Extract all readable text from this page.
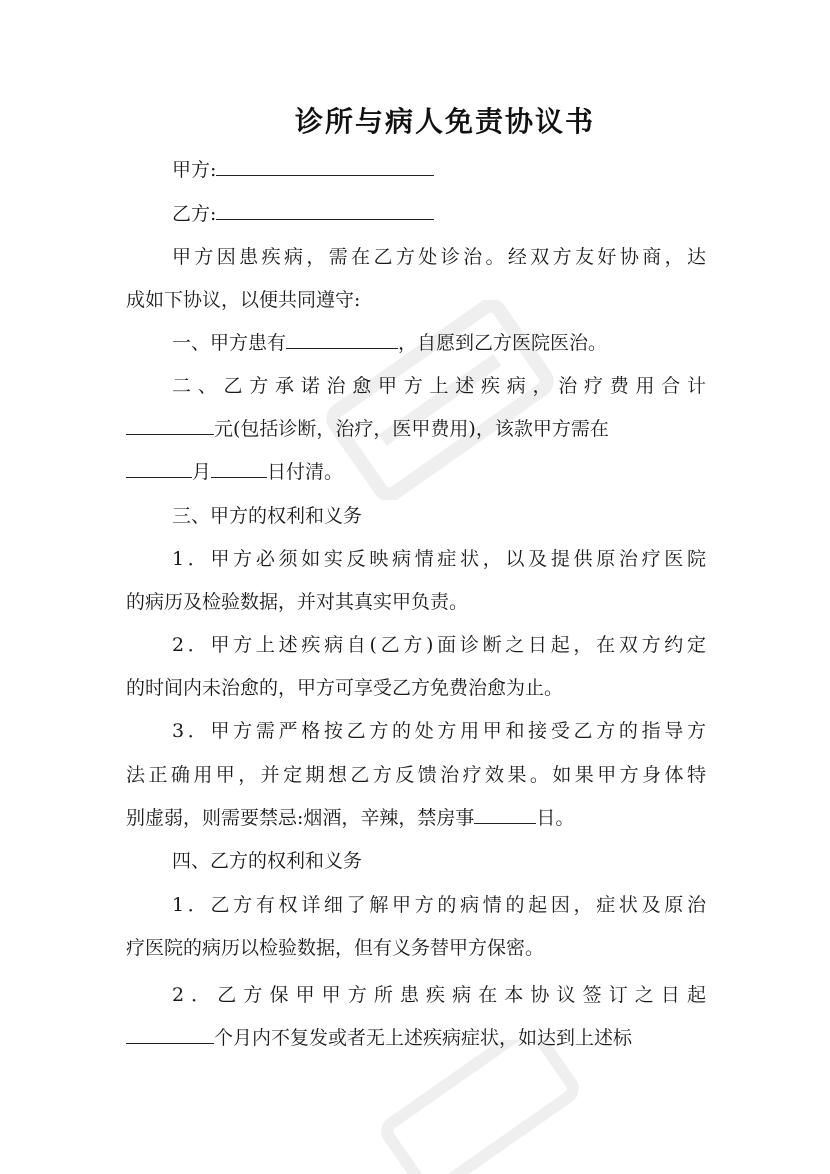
诊所与病人免责协议书
甲方:
乙方:
甲方因患疾病，需在乙方处诊治。经双方友好协商，达
成如下协议，以便共同遵守:
一、甲方患有	，自愿到乙方医院医治。
二、乙方承诺治愈甲方上述疾病，治疗费用合计
元(包括诊断，治疗，医甲费用)，该款甲方需在
月	日付清。
三、甲方的权利和义务
1．甲方必须如实反映病情症状，以及提供原治疗医院
的病历及检验数据，并对其真实甲负责。
2．甲方上述疾病自(乙方)面诊断之日起，在双方约定
的时间内未治愈的，甲方可享受乙方免费治愈为止。
3．甲方需严格按乙方的处方用甲和接受乙方的指导方
法正确用甲，并定期想乙方反馈治疗效果。如果甲方身体特
别虚弱，则需要禁忌:烟酒，辛辣，禁房事	日。
四、乙方的权利和义务
1．乙方有权详细了解甲方的病情的起因，症状及原治
疗医院的病历以检验数据，但有义务替甲方保密。
2．乙方保甲甲方所患疾病在本协议签订之日起
个月内不复发或者无上述疾病症状，如达到上述标
